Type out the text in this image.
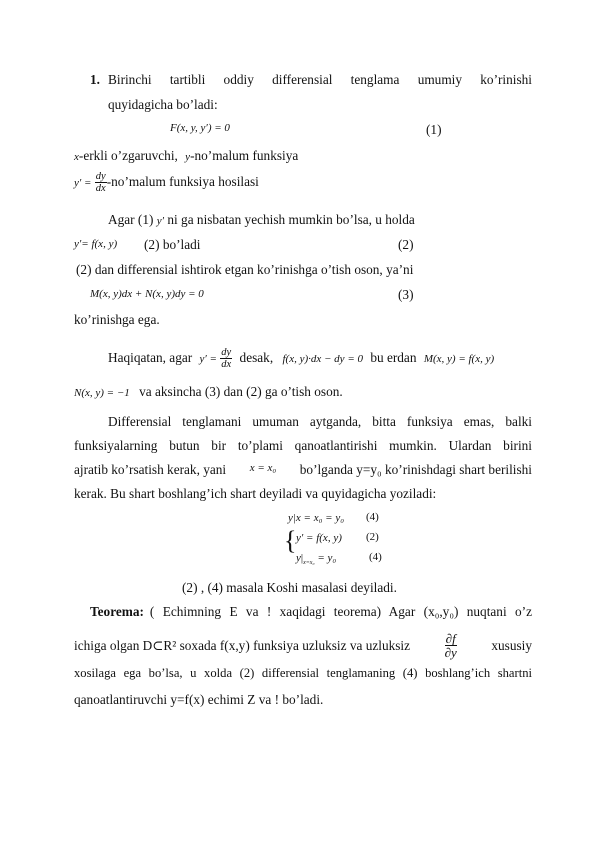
1. Birinchi tartibli oddiy differensial tenglama umumiy ko’rinishi
quyidagicha bo’ladi:
F(x, y, y′) = 0	(1)
x-erkli o’zgaruvchi, y-no’malum funksiya
$y' = \frac{dy}{dx}$ -no’malum funksiya hosilasi
Agar (1) y′ ni ga nisbatan yechish mumkin bo’lsa, u holda
y′= f(x, y) (2) bo’ladi	(2)
(2) dan differensial ishtirok etgan ko’rinishga o’tish oson, ya’ni
M(x, y)dx + N(x, y)dy = 0	(3)
ko’rinishga ega.
Haqiqatan, agar $y' = \frac{dy}{dx}$ desak, f(x, y)·dx − dy = 0 bu erdan M(x, y) = f(x, y)
N(x, y) = −1 va aksincha (3) dan (2) ga o’tish oson.
Differensial tenglamani umuman aytganda, bitta funksiya emas, balki
funksiyalarning butun bir to’plami qanoatlantirishi mumkin. Ulardan birini
ajratib ko’rsatish kerak, yani x = x₀ bo’lganda y=y₀ ko’rinishdagi shart berilishi
kerak. Bu shart boshlang’ich shart deyiladi va quyidagicha yoziladi:
y|x = x₀ = y₀ (4)
{ y′ = f(x, y) (2)
$y|_{x=x_0} = y_0$	(4)
(2) , (4) masala Koshi masalasi deyiladi.
Teorema: ( Echimning E va ! xaqidagi teorema) Agar (x₀,y₀) nuqtani o’z
ichiga olgan D⊂R² soxada f(x,y) funksiya uzluksiz va uzluksiz	$\frac{\partial f}{\partial y}$	xususiy
xosilaga ega bo’lsa, u xolda (2) differensial tenglamaning (4) boshlang’ich shartni
qanoatlantiruvchi y=f(x) echimi Z va ! bo’ladi.
